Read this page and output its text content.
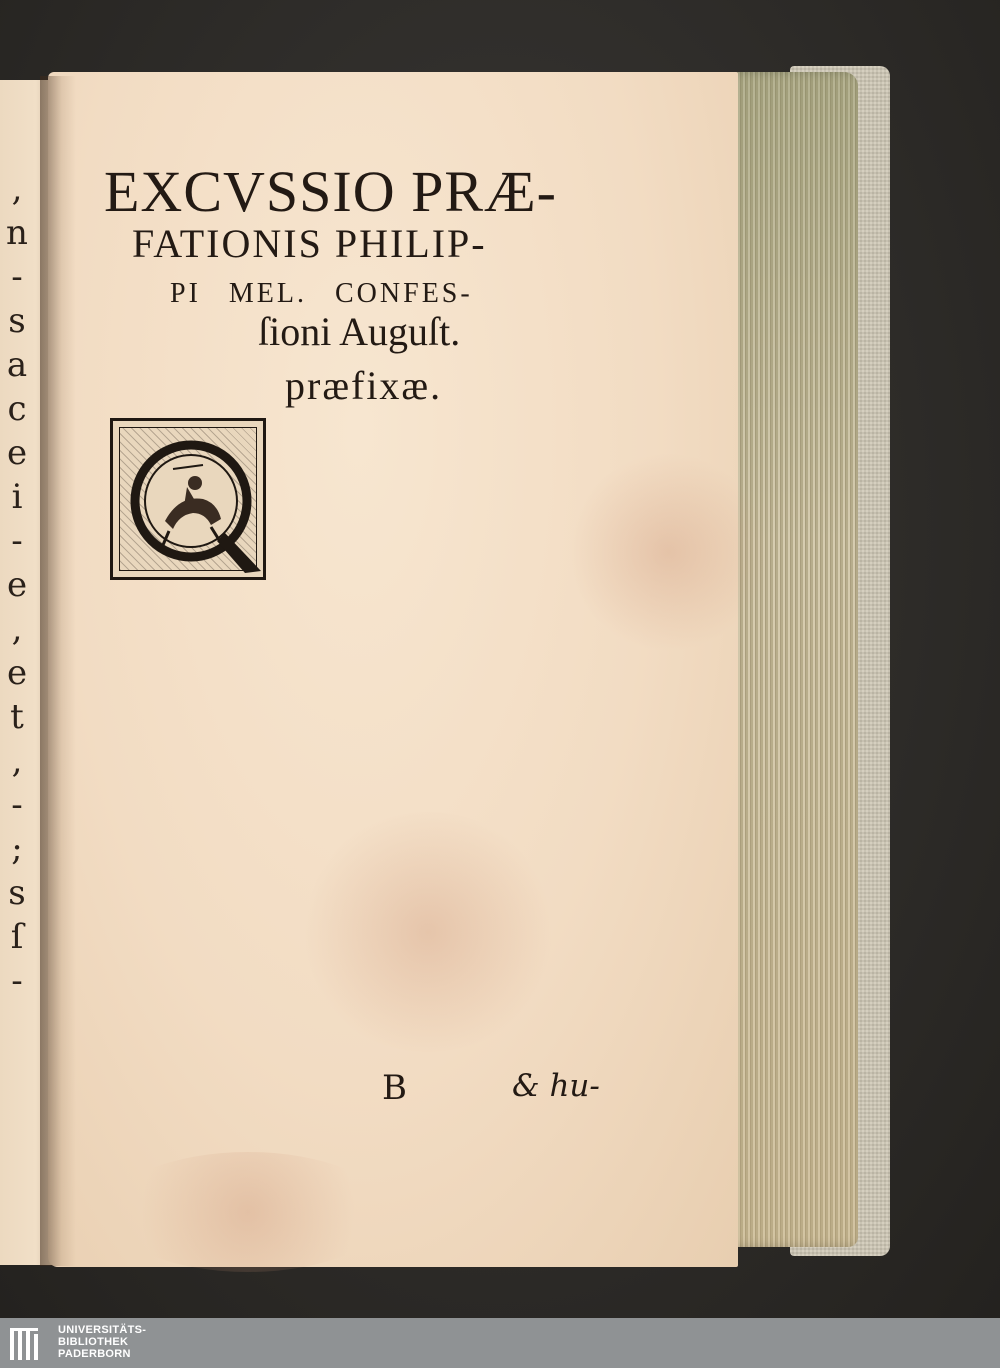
,
n
-
s
a
c
e
i
-
e
,
e
t
,
-
;
s
ſ
-
EXCVSSIO PRÆ-
FATIONIS PHILIP-
PI MEL. CONFES-
ſioni Auguſt.
præfixæ.
B	& hu-
UNIVERSITÄTS-
BIBLIOTHEK
PADERBORN
